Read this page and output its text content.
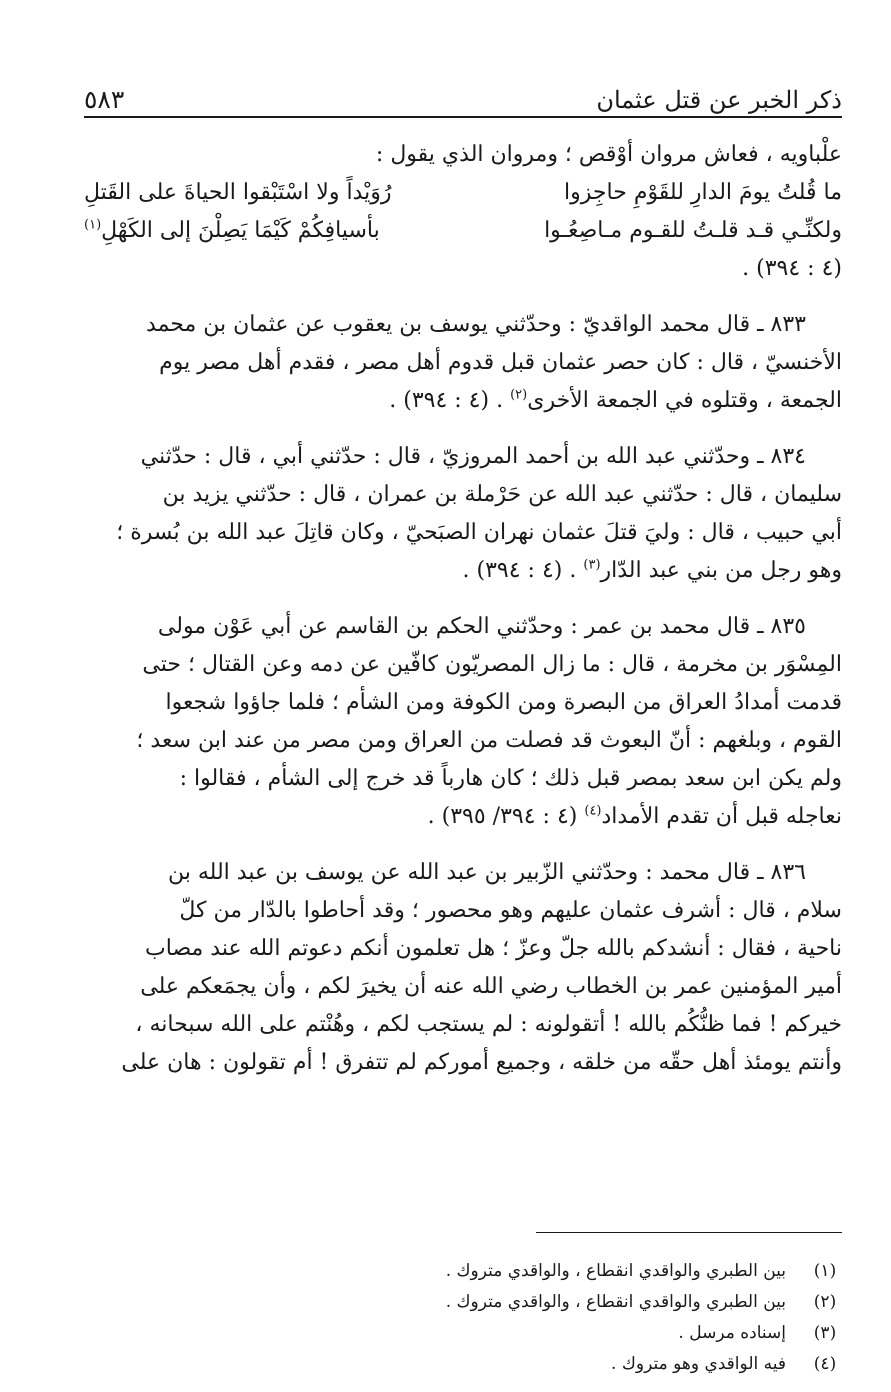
ذكر الخبر عن قتل عثمان
٥٨٣
علْباويه ، فعاش مروان أوْقص ؛ ومروان الذي يقول :
ما قُلتُ يومَ الدارِ للقَوْمِ حاجِزوا
رُوَيْداً ولا اسْتَبْقوا الحياةَ على القَتلِ
ولكنِّـي قـد قلـتُ للقـوم مـاصِعُـوا
بأسيافِكُمْ كَيْمَا يَصِلْنَ إلى الكَهْلِ$^{(١)}$
(٤ : ٣٩٤) .

٨٣٣ ـ قال محمد الواقديّ : وحدّثني يوسف بن يعقوب عن عثمان بن محمد

الأخنسيّ ، قال : كان حصر عثمان قبل قدوم أهل مصر ، فقدم أهل مصر يوم

الجمعة ، وقتلوه في الجمعة الأخرى$^{(٢)}$ . (٤ : ٣٩٤) .

٨٣٤ ـ وحدّثني عبد الله بن أحمد المروزيّ ، قال : حدّثني أبي ، قال : حدّثني

سليمان ، قال : حدّثني عبد الله عن حَرْملة بن عمران ، قال : حدّثني يزيد بن

أبي حبيب ، قال : وليَ قتلَ عثمان نهران الصبَحيّ ، وكان قاتِلَ عبد الله بن بُسرة ؛

وهو رجل من بني عبد الدّار$^{(٣)}$ . (٤ : ٣٩٤) .

٨٣٥ ـ قال محمد بن عمر : وحدّثني الحكم بن القاسم عن أبي عَوْن مولى

المِسْوَر بن مخرمة ، قال : ما زال المصريّون كافّين عن دمه وعن القتال ؛ حتى

قدمت أمدادُ العراق من البصرة ومن الكوفة ومن الشأم ؛ فلما جاؤوا شجعوا

القوم ، وبلغهم : أنّ البعوث قد فصلت من العراق ومن مصر من عند ابن سعد ؛

ولم يكن ابن سعد بمصر قبل ذلك ؛ كان هارباً قد خرج إلى الشأم ، فقالوا :

نعاجله قبل أن تقدم الأمداد$^{(٤)}$ (٤ : ٣٩٤/ ٣٩٥) .

٨٣٦ ـ قال محمد : وحدّثني الزّبير بن عبد الله عن يوسف بن عبد الله بن

سلام ، قال : أشرف عثمان عليهم وهو محصور ؛ وقد أحاطوا بالدّار من كلّ

ناحية ، فقال : أنشدكم بالله جلّ وعزّ ؛ هل تعلمون أنكم دعوتم الله عند مصاب

أمير المؤمنين عمر بن الخطاب رضي الله عنه أن يخيرَ لكم ، وأن يجمَعكم على

خيركم ! فما ظنُّكُم بالله ! أتقولونه : لم يستجب لكم ، وهُنْتم على الله سبحانه ،

وأنتم يومئذ أهل حقّه من خلقه ، وجميع أموركم لم تتفرق ! أم تقولون : هان على

(١)
بين الطبري والواقدي انقطاع ، والواقدي متروك .
(٢)
بين الطبري والواقدي انقطاع ، والواقدي متروك .
(٣)
إسناده مرسل .
(٤)
فيه الواقدي وهو متروك .
